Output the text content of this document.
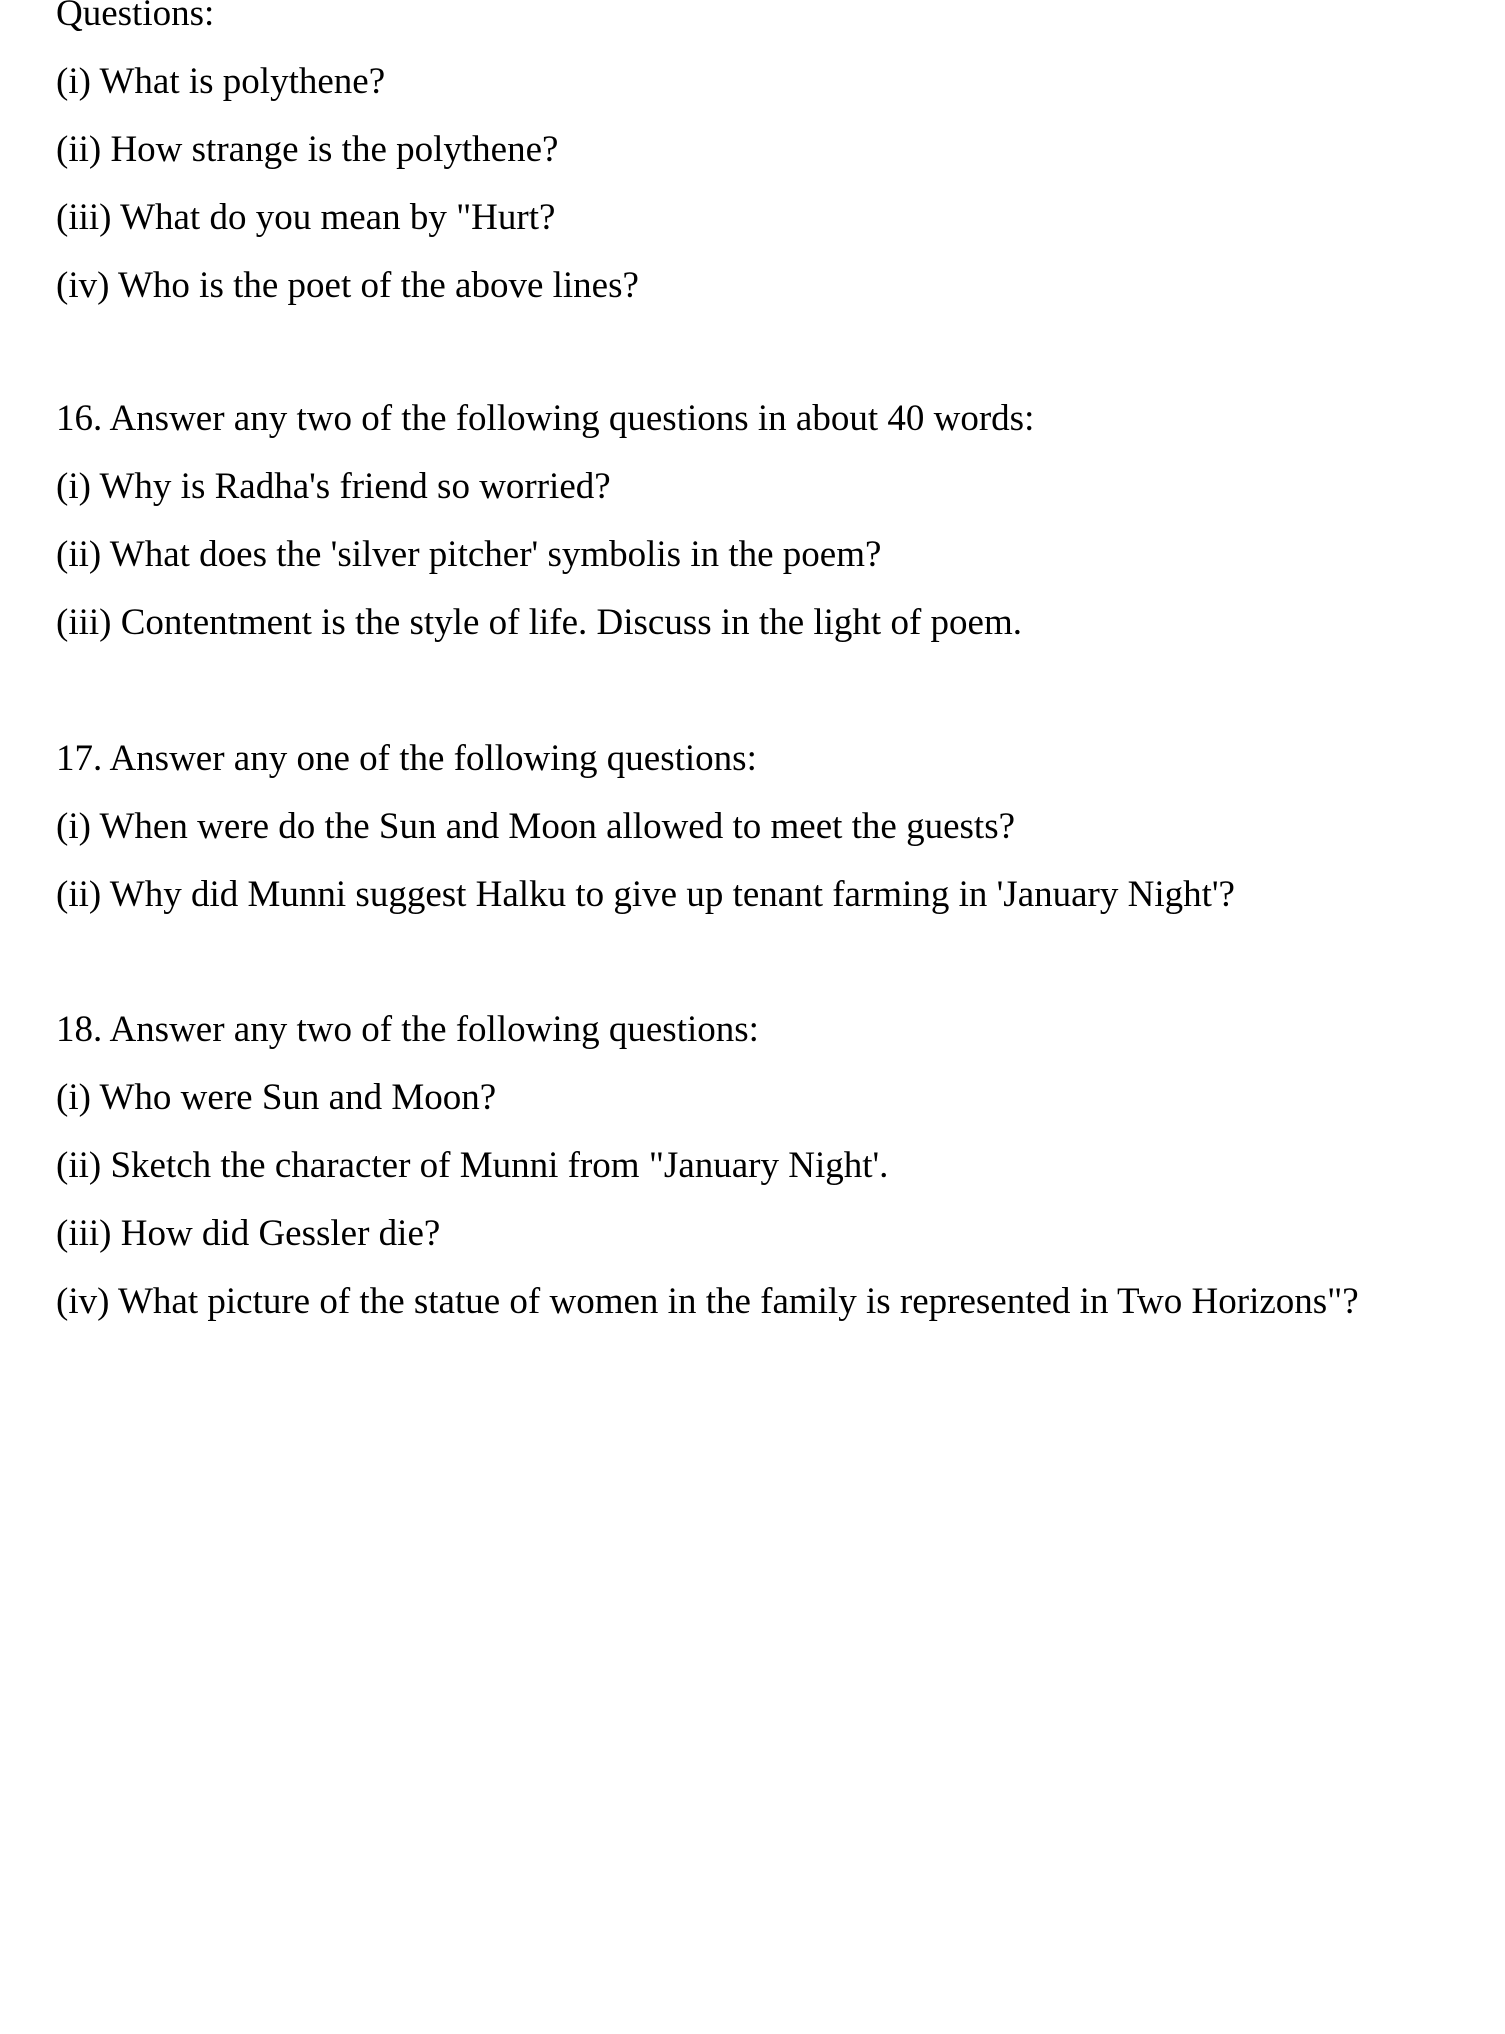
Questions:
(i) What is polythene?
(ii) How strange is the polythene?
(iii) What do you mean by "Hurt?
(iv) Who is the poet of the above lines?
16. Answer any two of the following questions in about 40 words:
(i) Why is Radha's friend so worried?
(ii) What does the 'silver pitcher' symbolis in the poem?
(iii) Contentment is the style of life. Discuss in the light of poem.
17. Answer any one of the following questions:
(i) When were do the Sun and Moon allowed to meet the guests?
(ii) Why did Munni suggest Halku to give up tenant farming in 'January Night'?
18. Answer any two of the following questions:
(i) Who were Sun and Moon?
(ii) Sketch the character of Munni from "January Night'.
(iii) How did Gessler die?
(iv) What picture of the statue of women in the family is represented in Two Horizons"?
